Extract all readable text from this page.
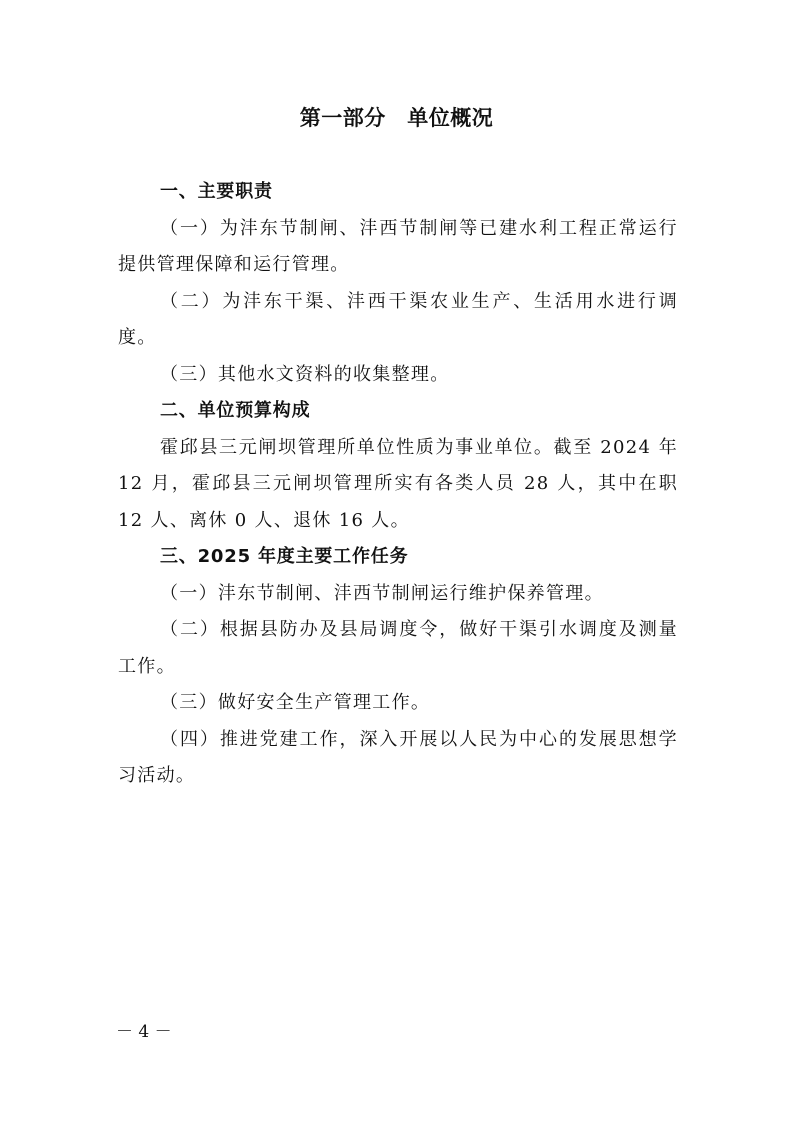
第一部分　单位概况
一、主要职责

（一）为沣东节制闸、沣西节制闸等已建水利工程正常运行提供管理保障和运行管理。

（二）为沣东干渠、沣西干渠农业生产、生活用水进行调度。

（三）其他水文资料的收集整理。

二、单位预算构成

霍邱县三元闸坝管理所单位性质为事业单位。截至 2024 年 12 月，霍邱县三元闸坝管理所实有各类人员 28 人，其中在职 12 人、离休 0 人、退休 16 人。

三、2025 年度主要工作任务

（一）沣东节制闸、沣西节制闸运行维护保养管理。

（二）根据县防办及县局调度令，做好干渠引水调度及测量工作。

（三）做好安全生产管理工作。

（四）推进党建工作，深入开展以人民为中心的发展思想学习活动。

－ 4 －
